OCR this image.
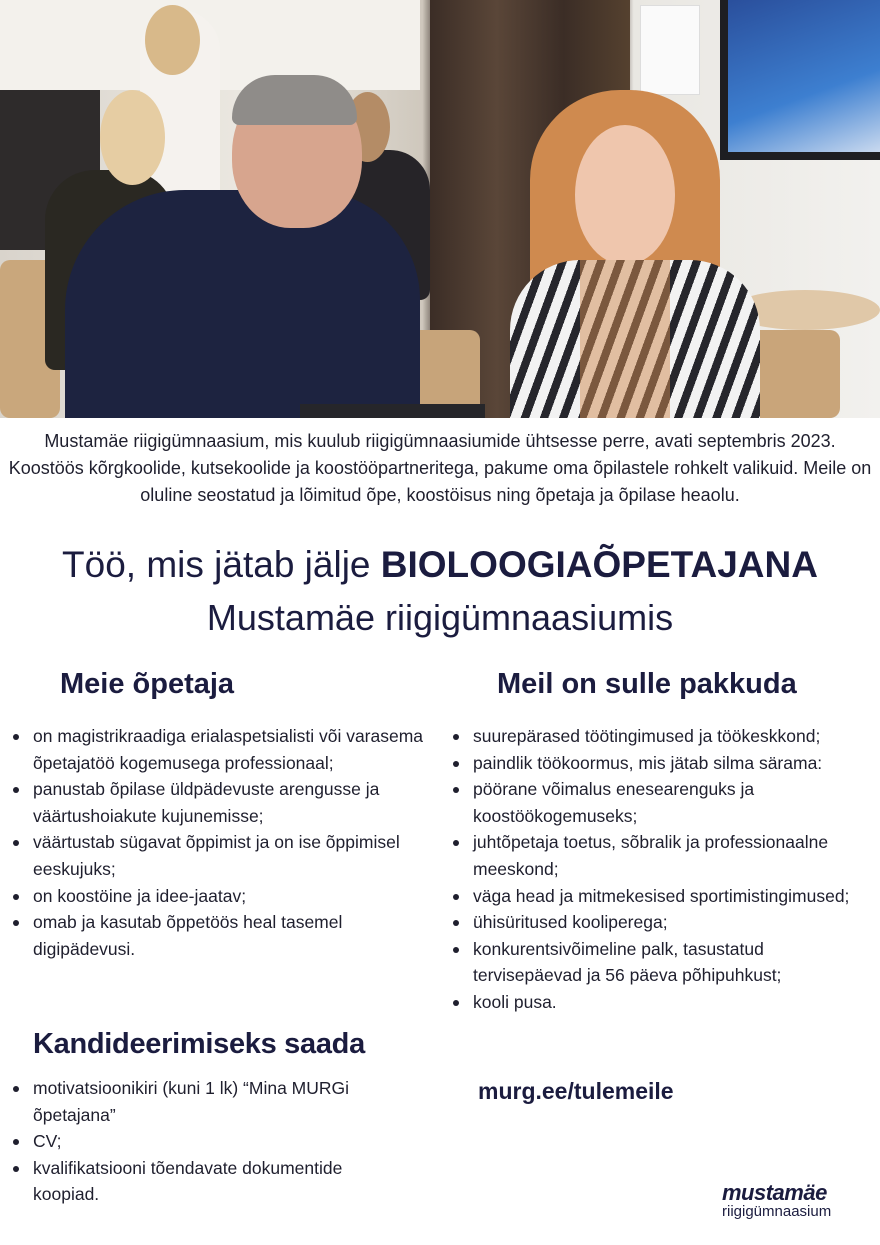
Mustamäe riigigümnaasium, mis kuulub riigigümnaasiumide ühtsesse perre, avati septembris 2023. Koostöös kõrgkoolide, kutsekoolide ja koostööpartneritega, pakume oma õpilastele rohkelt valikuid. Meile on oluline seostatud ja lõimitud õpe, koostöisus ning õpetaja ja õpilase heaolu.

Töö, mis jätab jälje BIOLOOGIAÕPETAJANA
Mustamäe riigigümnaasiumis
Meie õpetaja
on magistrikraadiga erialaspetsialisti või varasema õpetajatöö kogemusega professionaal;
panustab õpilase üldpädevuste arengusse ja väärtushoiakute kujunemisse;
väärtustab sügavat õppimist ja on ise õppimisel eeskujuks;
on koostöine ja idee-jaatav;
omab ja kasutab õppetöös heal tasemel digipädevusi.
Meil on sulle pakkuda
suurepärased töötingimused ja töökeskkond;
paindlik töökoormus, mis jätab silma särama:
pöörane võimalus enesearenguks ja koostöökogemuseks;
juhtõpetaja toetus, sõbralik ja professionaalne meeskond;
väga head ja mitmekesised sportimistingimused;
ühisüritused kooliperega;
konkurentsivõimeline palk, tasustatud tervisepäevad ja 56 päeva põhipuhkust;
kooli pusa.
Kandideerimiseks saada
motivatsioonikiri (kuni 1 lk) “Mina MURGi õpetajana”
CV;
kvalifikatsiooni tõendavate dokumentide koopiad.
murg.ee/tulemeile
mustamäe
riigigümnaasium
